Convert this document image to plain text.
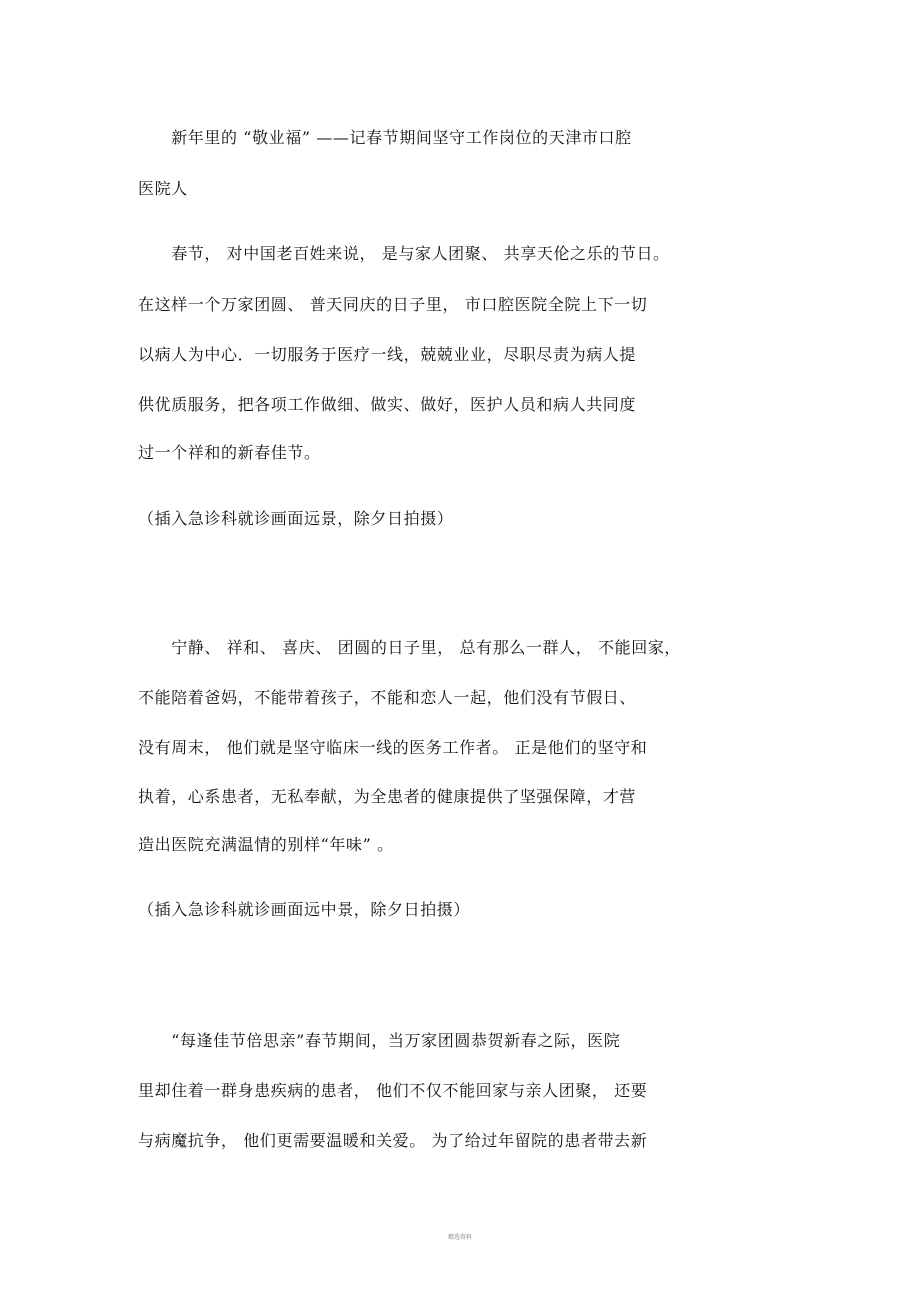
　　新年里的 “敬业福” ——记春节期间坚守工作岗位的天津市口腔
医院人
　　春节， 对中国老百姓来说， 是与家人团聚、 共享天伦之乐的节日。
在这样一个万家团圆、 普天同庆的日子里， 市口腔医院全院上下一切
以病人为中心．一切服务于医疗一线，兢兢业业，尽职尽责为病人提
供优质服务，把各项工作做细、做实、做好，医护人员和病人共同度
过一个祥和的新春佳节。
（插入急诊科就诊画面远景，除夕日拍摄）
　　宁静、 祥和、 喜庆、 团圆的日子里， 总有那么一群人， 不能回家，
不能陪着爸妈，不能带着孩子，不能和恋人一起，他们没有节假日、
没有周末， 他们就是坚守临床一线的医务工作者。 正是他们的坚守和
执着，心系患者，无私奉献，为全患者的健康提供了坚强保障，才营
造出医院充满温情的别样“年味” 。
（插入急诊科就诊画面远中景，除夕日拍摄）
　　“每逢佳节倍思亲”春节期间，当万家团圆恭贺新春之际，医院
里却住着一群身患疾病的患者， 他们不仅不能回家与亲人团聚， 还要
与病魔抗争， 他们更需要温暖和关爱。 为了给过年留院的患者带去新
精选资料
